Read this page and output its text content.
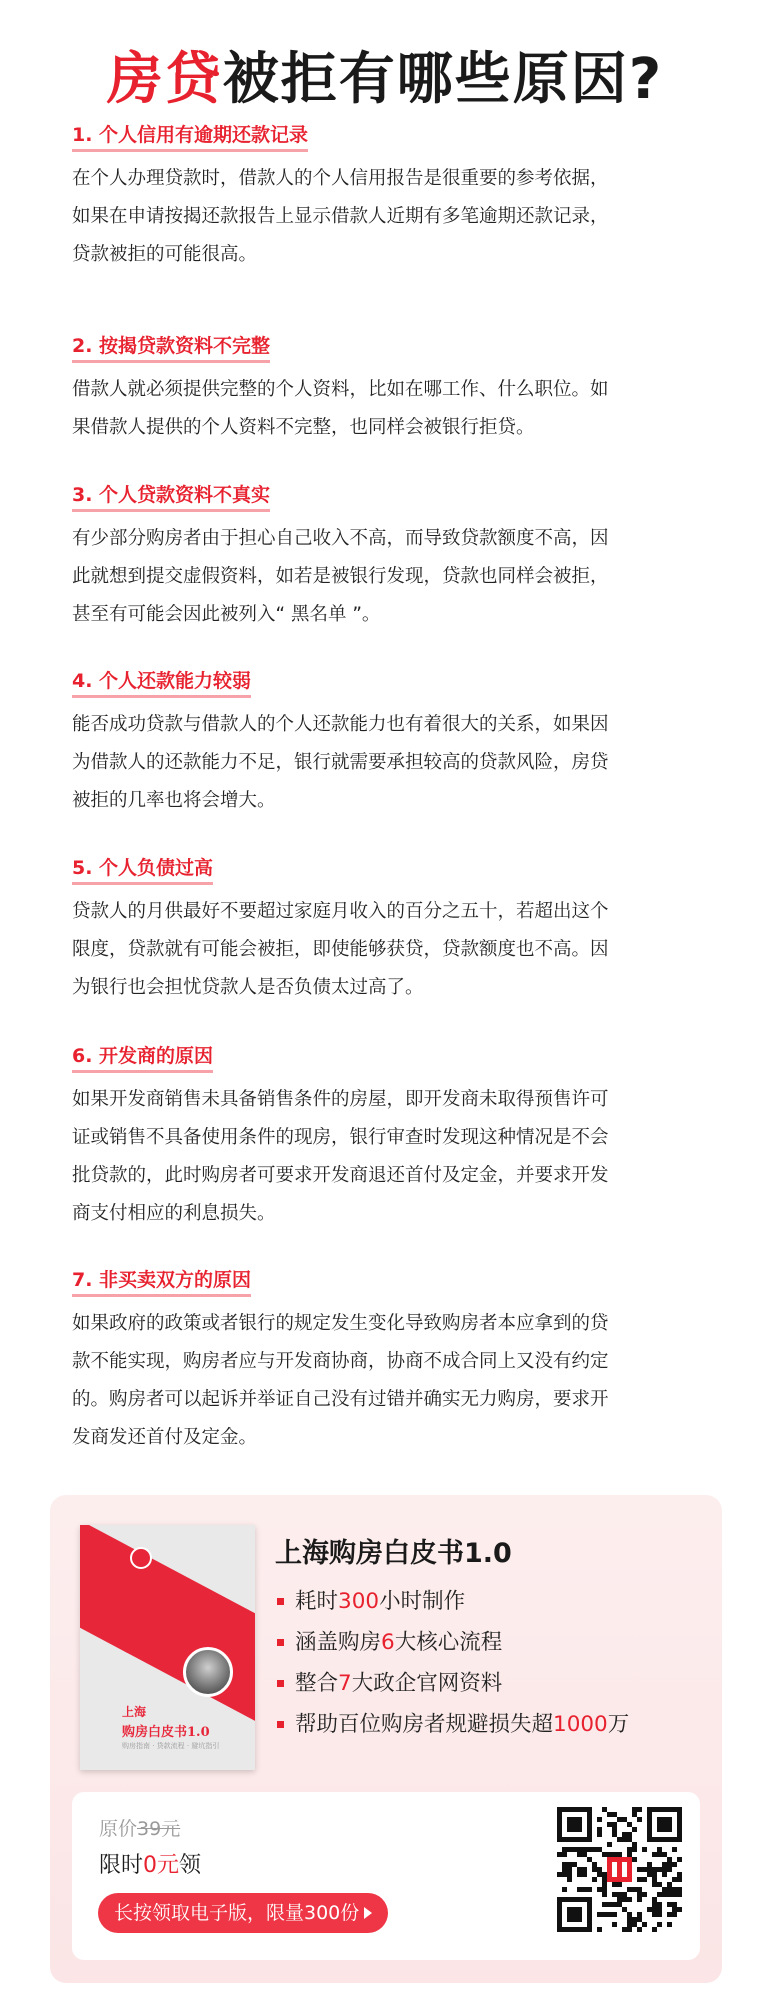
房贷被拒有哪些原因?
1. 个人信用有逾期还款记录

在个人办理贷款时，借款人的个人信用报告是很重要的参考依据，
如果在申请按揭还款报告上显示借款人近期有多笔逾期还款记录，
贷款被拒的可能很高。

2. 按揭贷款资料不完整

借款人就必须提供完整的个人资料，比如在哪工作、什么职位。如
果借款人提供的个人资料不完整，也同样会被银行拒贷。

3. 个人贷款资料不真实

有少部分购房者由于担心自己收入不高，而导致贷款额度不高，因
此就想到提交虚假资料，如若是被银行发现，贷款也同样会被拒，
甚至有可能会因此被列入“ 黑名单 ”。

4. 个人还款能力较弱

能否成功贷款与借款人的个人还款能力也有着很大的关系，如果因
为借款人的还款能力不足，银行就需要承担较高的贷款风险，房贷
被拒的几率也将会增大。

5. 个人负债过高

贷款人的月供最好不要超过家庭月收入的百分之五十，若超出这个
限度，贷款就有可能会被拒，即使能够获贷，贷款额度也不高。因
为银行也会担忧贷款人是否负债太过高了。

6. 开发商的原因

如果开发商销售未具备销售条件的房屋，即开发商未取得预售许可
证或销售不具备使用条件的现房，银行审查时发现这种情况是不会
批贷款的，此时购房者可要求开发商退还首付及定金，并要求开发
商支付相应的利息损失。

7. 非买卖双方的原因

如果政府的政策或者银行的规定发生变化导致购房者本应拿到的贷
款不能实现，购房者应与开发商协商，协商不成合同上又没有约定
的。购房者可以起诉并举证自己没有过错并确实无力购房，要求开
发商发还首付及定金。

上海
购房白皮书1.0
购房指南 · 贷款流程 · 避坑指引
上海购房白皮书1.0
耗时300小时制作
涵盖购房6大核心流程
整合7大政企官网资料
帮助百位购房者规避损失超1000万
原价39元
限时0元领
长按领取电子版，限量300份
